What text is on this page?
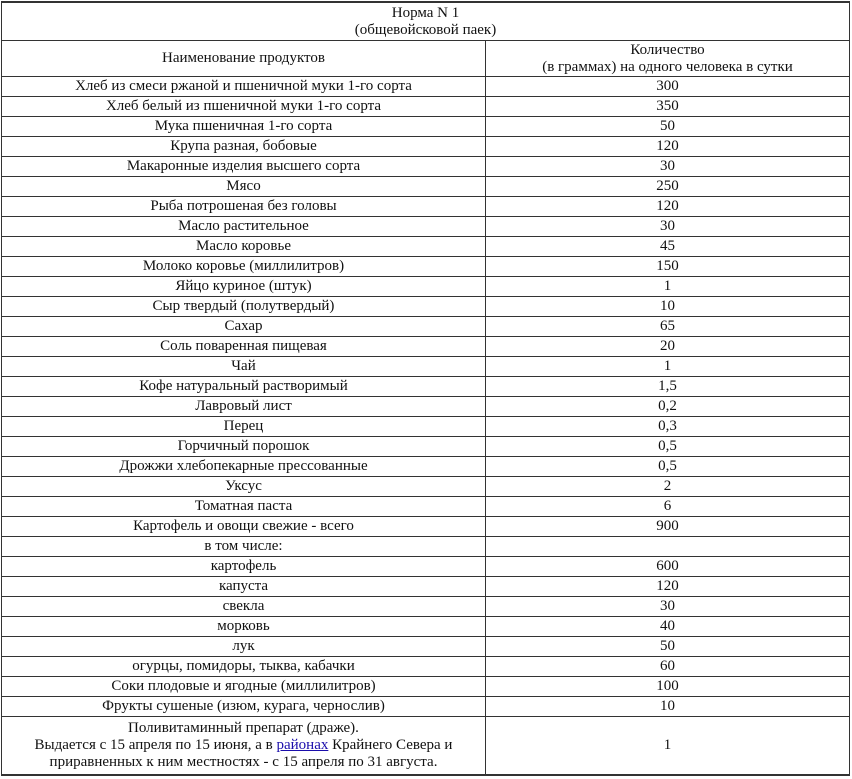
Норма N 1
(общевойсковой паек)	
Наименование продуктов	Количество
(в граммах) на одного человека в сутки
Хлеб из смеси ржаной и пшеничной муки 1-го сорта	300
Хлеб белый из пшеничной муки 1-го сорта	350
Мука пшеничная 1-го сорта	50
Крупа разная, бобовые	120
Макаронные изделия высшего сорта	30
Мясо	250
Рыба потрошеная без головы	120
Масло растительное	30
Масло коровье	45
Молоко коровье (миллилитров)	150
Яйцо куриное (штук)	1
Сыр твердый (полутвердый)	10
Сахар	65
Соль поваренная пищевая	20
Чай	1
Кофе натуральный растворимый	1,5
Лавровый лист	0,2
Перец	0,3
Горчичный порошок	0,5
Дрожжи хлебопекарные прессованные	0,5
Уксус	2
Томатная паста	6
Картофель и овощи свежие - всего	900
в том числе:	
картофель	600
капуста	120
свекла	30
морковь	40
лук	50
огурцы, помидоры, тыква, кабачки	60
Соки плодовые и ягодные (миллилитров)	100
Фрукты сушеные (изюм, курага, чернослив)	10
Поливитаминный препарат (драже).
Выдается с 15 апреля по 15 июня, а в районах Крайнего Севера и
приравненных к ним местностях - с 15 апреля по 31 августа.	1
